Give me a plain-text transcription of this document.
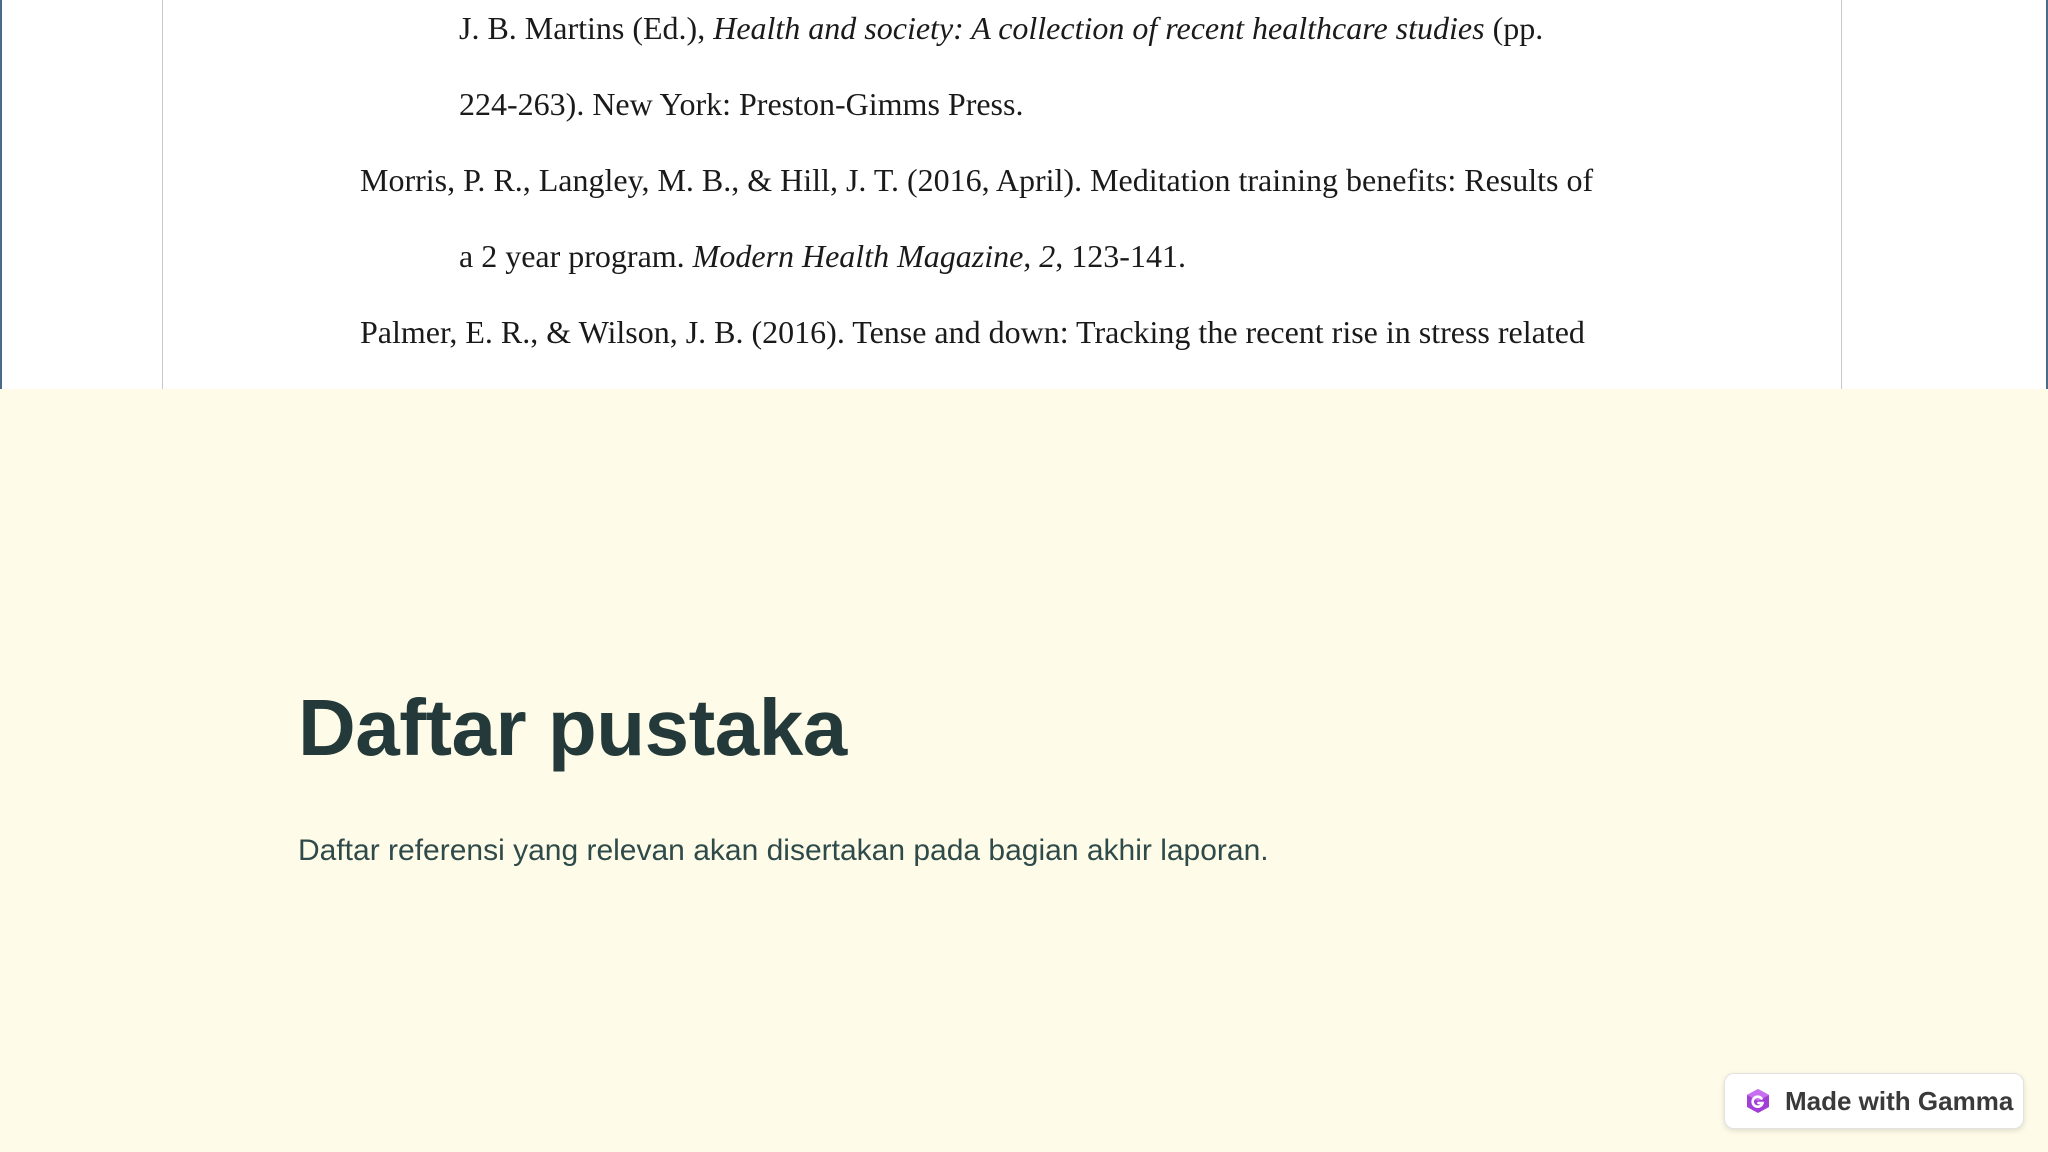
J. B. Martins (Ed.), Health and society: A collection of recent healthcare studies (pp.
224-263). New York: Preston-Gimms Press.
Morris, P. R., Langley, M. B., & Hill, J. T. (2016, April). Meditation training benefits: Results of
a 2 year program. Modern Health Magazine, 2, 123-141.
Palmer, E. R., & Wilson, J. B. (2016). Tense and down: Tracking the recent rise in stress related
Daftar pustaka

Daftar referensi yang relevan akan disertakan pada bagian akhir laporan.

Made with Gamma
